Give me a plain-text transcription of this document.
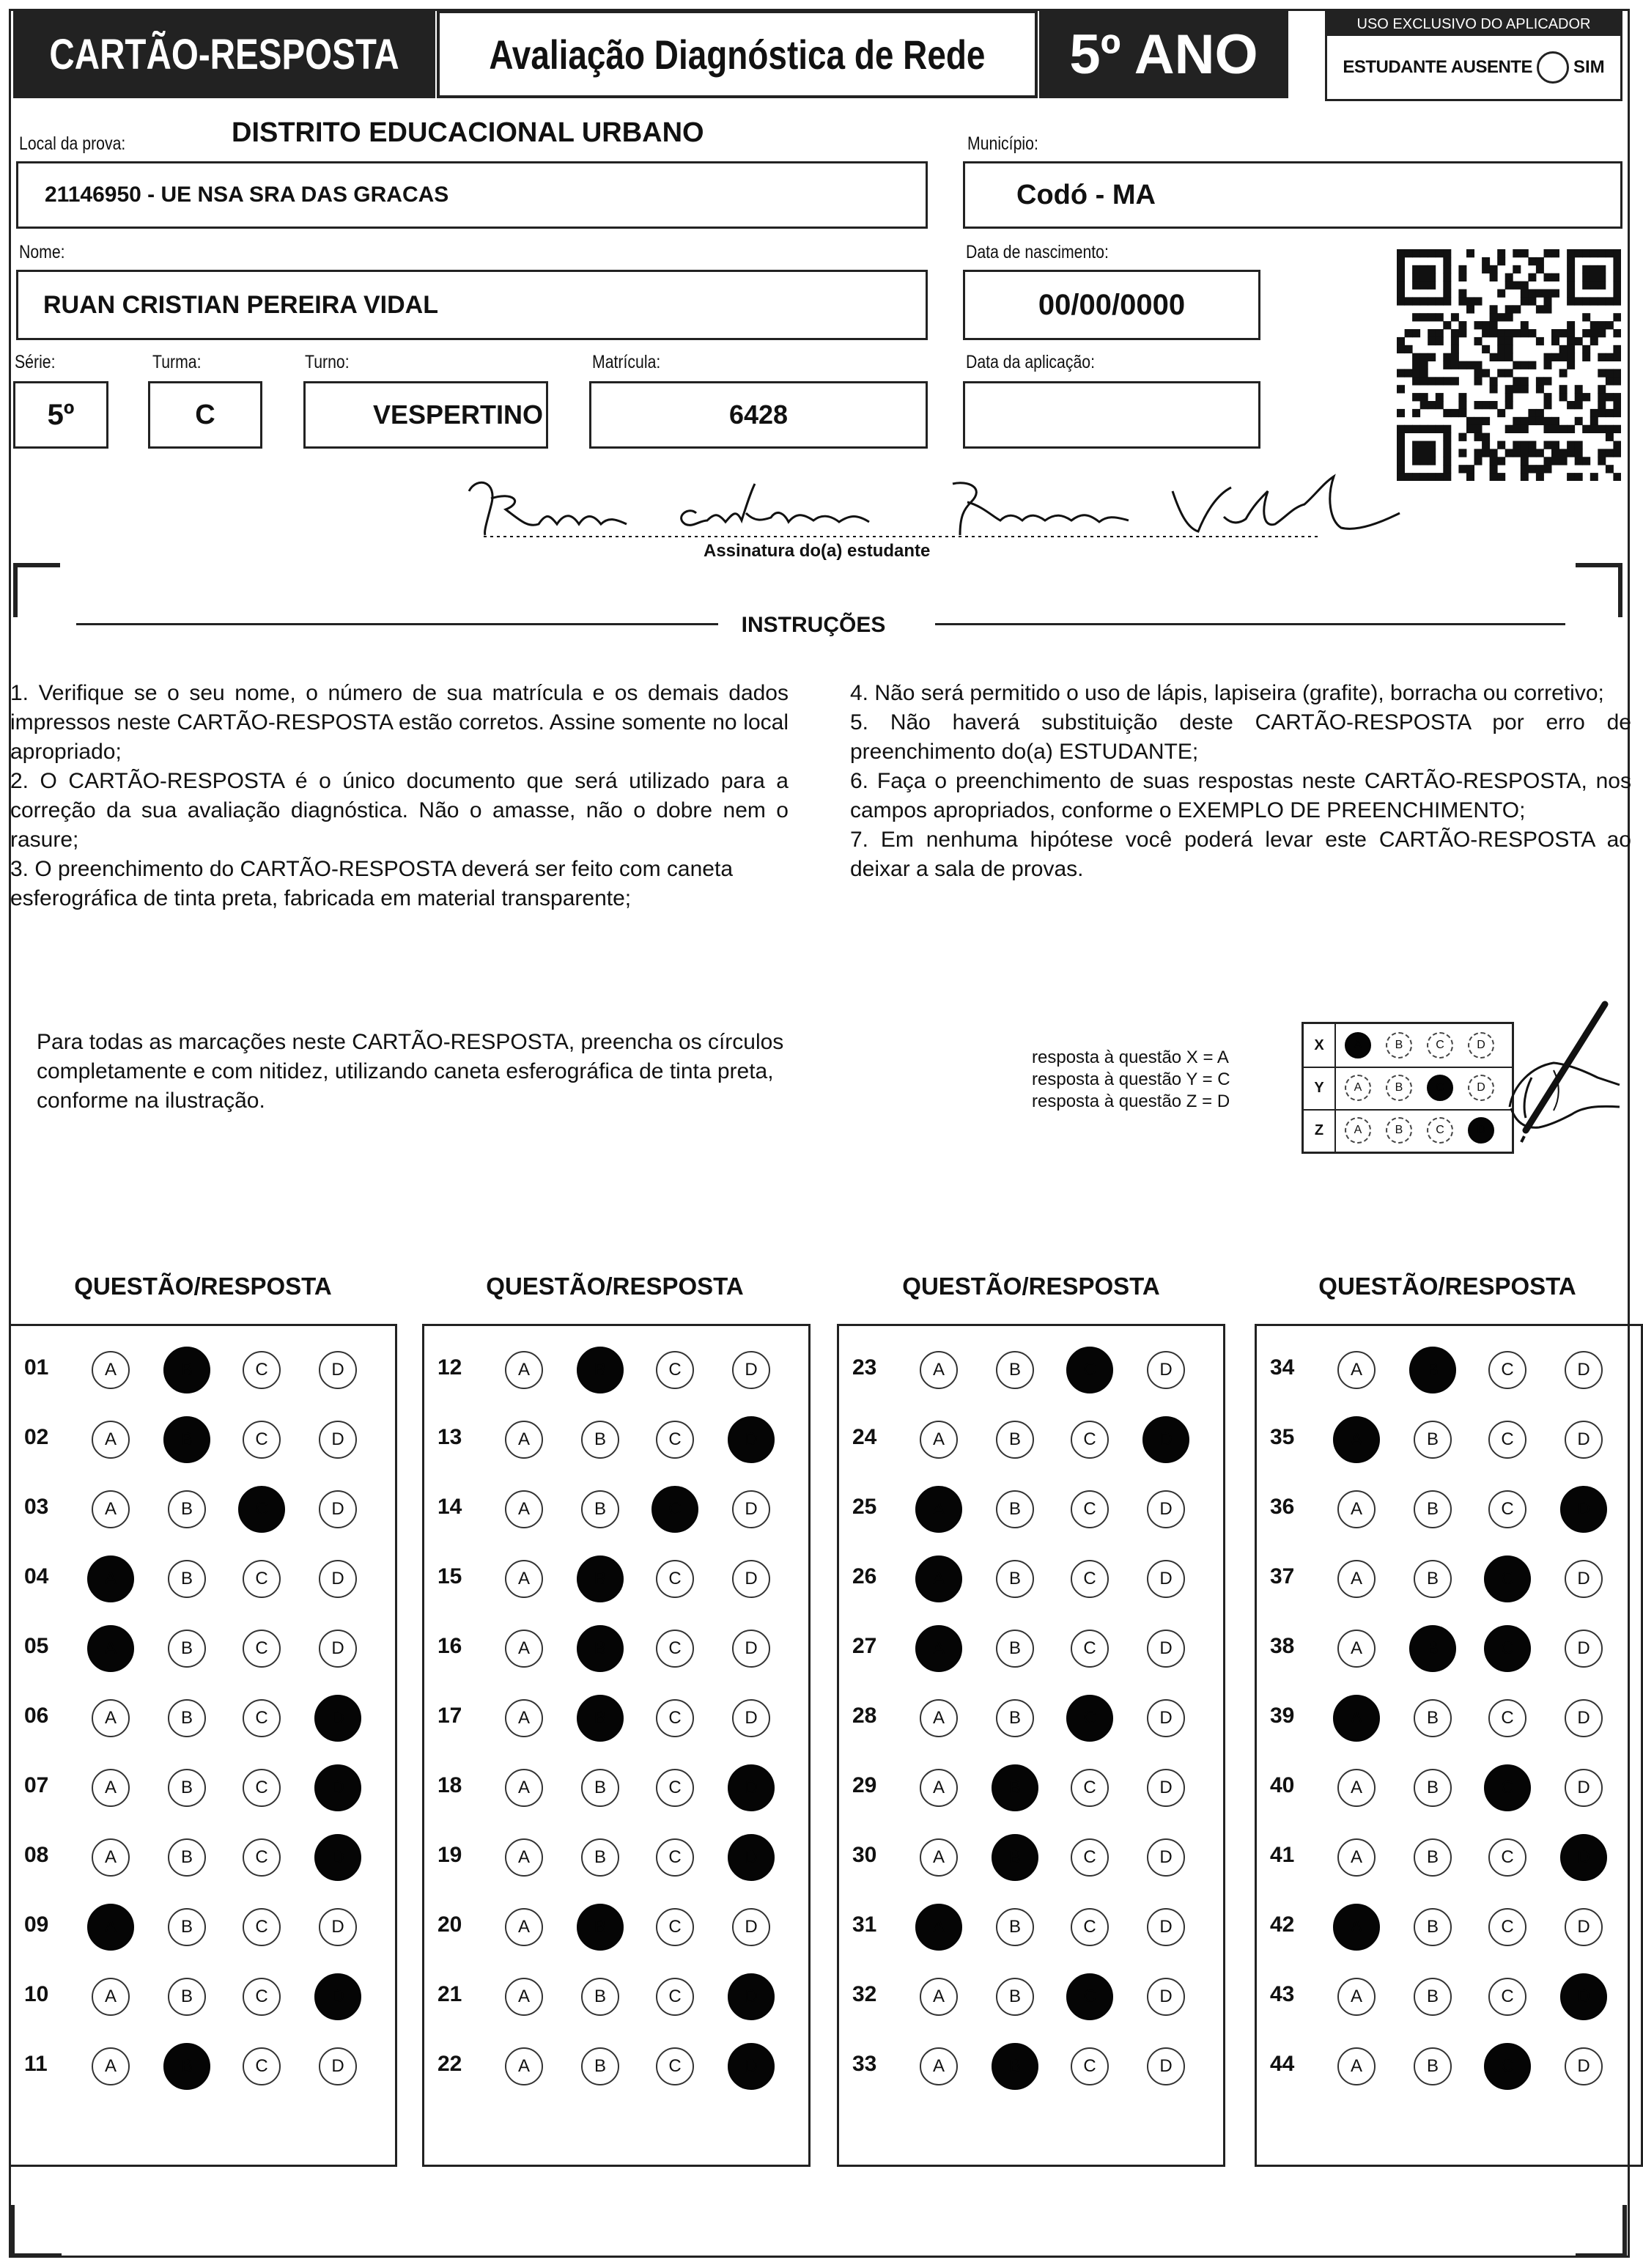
CARTÃO-RESPOSTA Avaliação Diagnóstica de Rede 5º ANO	USO EXCLUSIVO DO APLICADOR
ESTUDANTE AUSENTE SIM
Local da prova:	DISTRITO EDUCACIONAL URBANO
21146950 - UE NSA SRA DAS GRACAS
Município:
Codó - MA
Nome:
RUAN CRISTIAN PEREIRA VIDAL
Data de nascimento:
00/00/0000
Série:
5º
Turma:
C
Turno:
VESPERTINO
Matrícula:
6428
Data da aplicação:
Assinatura do(a) estudante
INSTRUÇÕES

1. Verifique se o seu nome, o número de sua matrícula e os demais dados impressos neste CARTÃO-RESPOSTA estão corretos. Assine somente no local apropriado;

2. O CARTÃO-RESPOSTA é o único documento que será utilizado para a correção da sua avaliação diagnóstica. Não o amasse, não o dobre nem o rasure;

3. O preenchimento do CARTÃO-RESPOSTA deverá ser feito com caneta esferográfica de tinta preta, fabricada em material transparente;

4. Não será permitido o uso de lápis, lapiseira (grafite), borracha ou corretivo;

5. Não haverá substituição deste CARTÃO-RESPOSTA por erro de preenchimento do(a) ESTUDANTE;

6. Faça o preenchimento de suas respostas neste CARTÃO-RESPOSTA, nos campos apropriados, conforme o EXEMPLO DE PREENCHIMENTO;

7. Em nenhuma hipótese você poderá levar este CARTÃO-RESPOSTA ao deixar a sala de provas.

Para todas as marcações neste CARTÃO-RESPOSTA, preencha os círculos completamente e com nitidez, utilizando caneta esferográfica de tinta preta, conforme na ilustração.
resposta à questão X = A
resposta à questão Y = C
resposta à questão Z = D
X	A	B	C	D
Y	A	B	C	D
Z	A	B	C	D
QUESTÃO/RESPOSTA	QUESTÃO/RESPOSTA	QUESTÃO/RESPOSTA	QUESTÃO/RESPOSTA
01	A	B	C	D
02	A	B	C	D
03	A	B	C	D
04	A	B	C	D
05	A	B	C	D
06	A	B	C	D
07	A	B	C	D
08	A	B	C	D
09	A	B	C	D
10	A	B	C	D
11	A	B	C	D
12	A	B	C	D
13	A	B	C	D
14	A	B	C	D
15	A	B	C	D
16	A	B	C	D
17	A	B	C	D
18	A	B	C	D
19	A	B	C	D
20	A	B	C	D
21	A	B	C	D
22	A	B	C	D
23	A	B	C	D
24	A	B	C	D
25	A	B	C	D
26	A	B	C	D
27	A	B	C	D
28	A	B	C	D
29	A	B	C	D
30	A	B	C	D
31	A	B	C	D
32	A	B	C	D
33	A	B	C	D
34	A	B	C	D
35	A	B	C	D
36	A	B	C	D
37	A	B	C	D
38	A	B	C	D
39	A	B	C	D
40	A	B	C	D
41	A	B	C	D
42	A	B	C	D
43	A	B	C	D
44	A	B	C	D
